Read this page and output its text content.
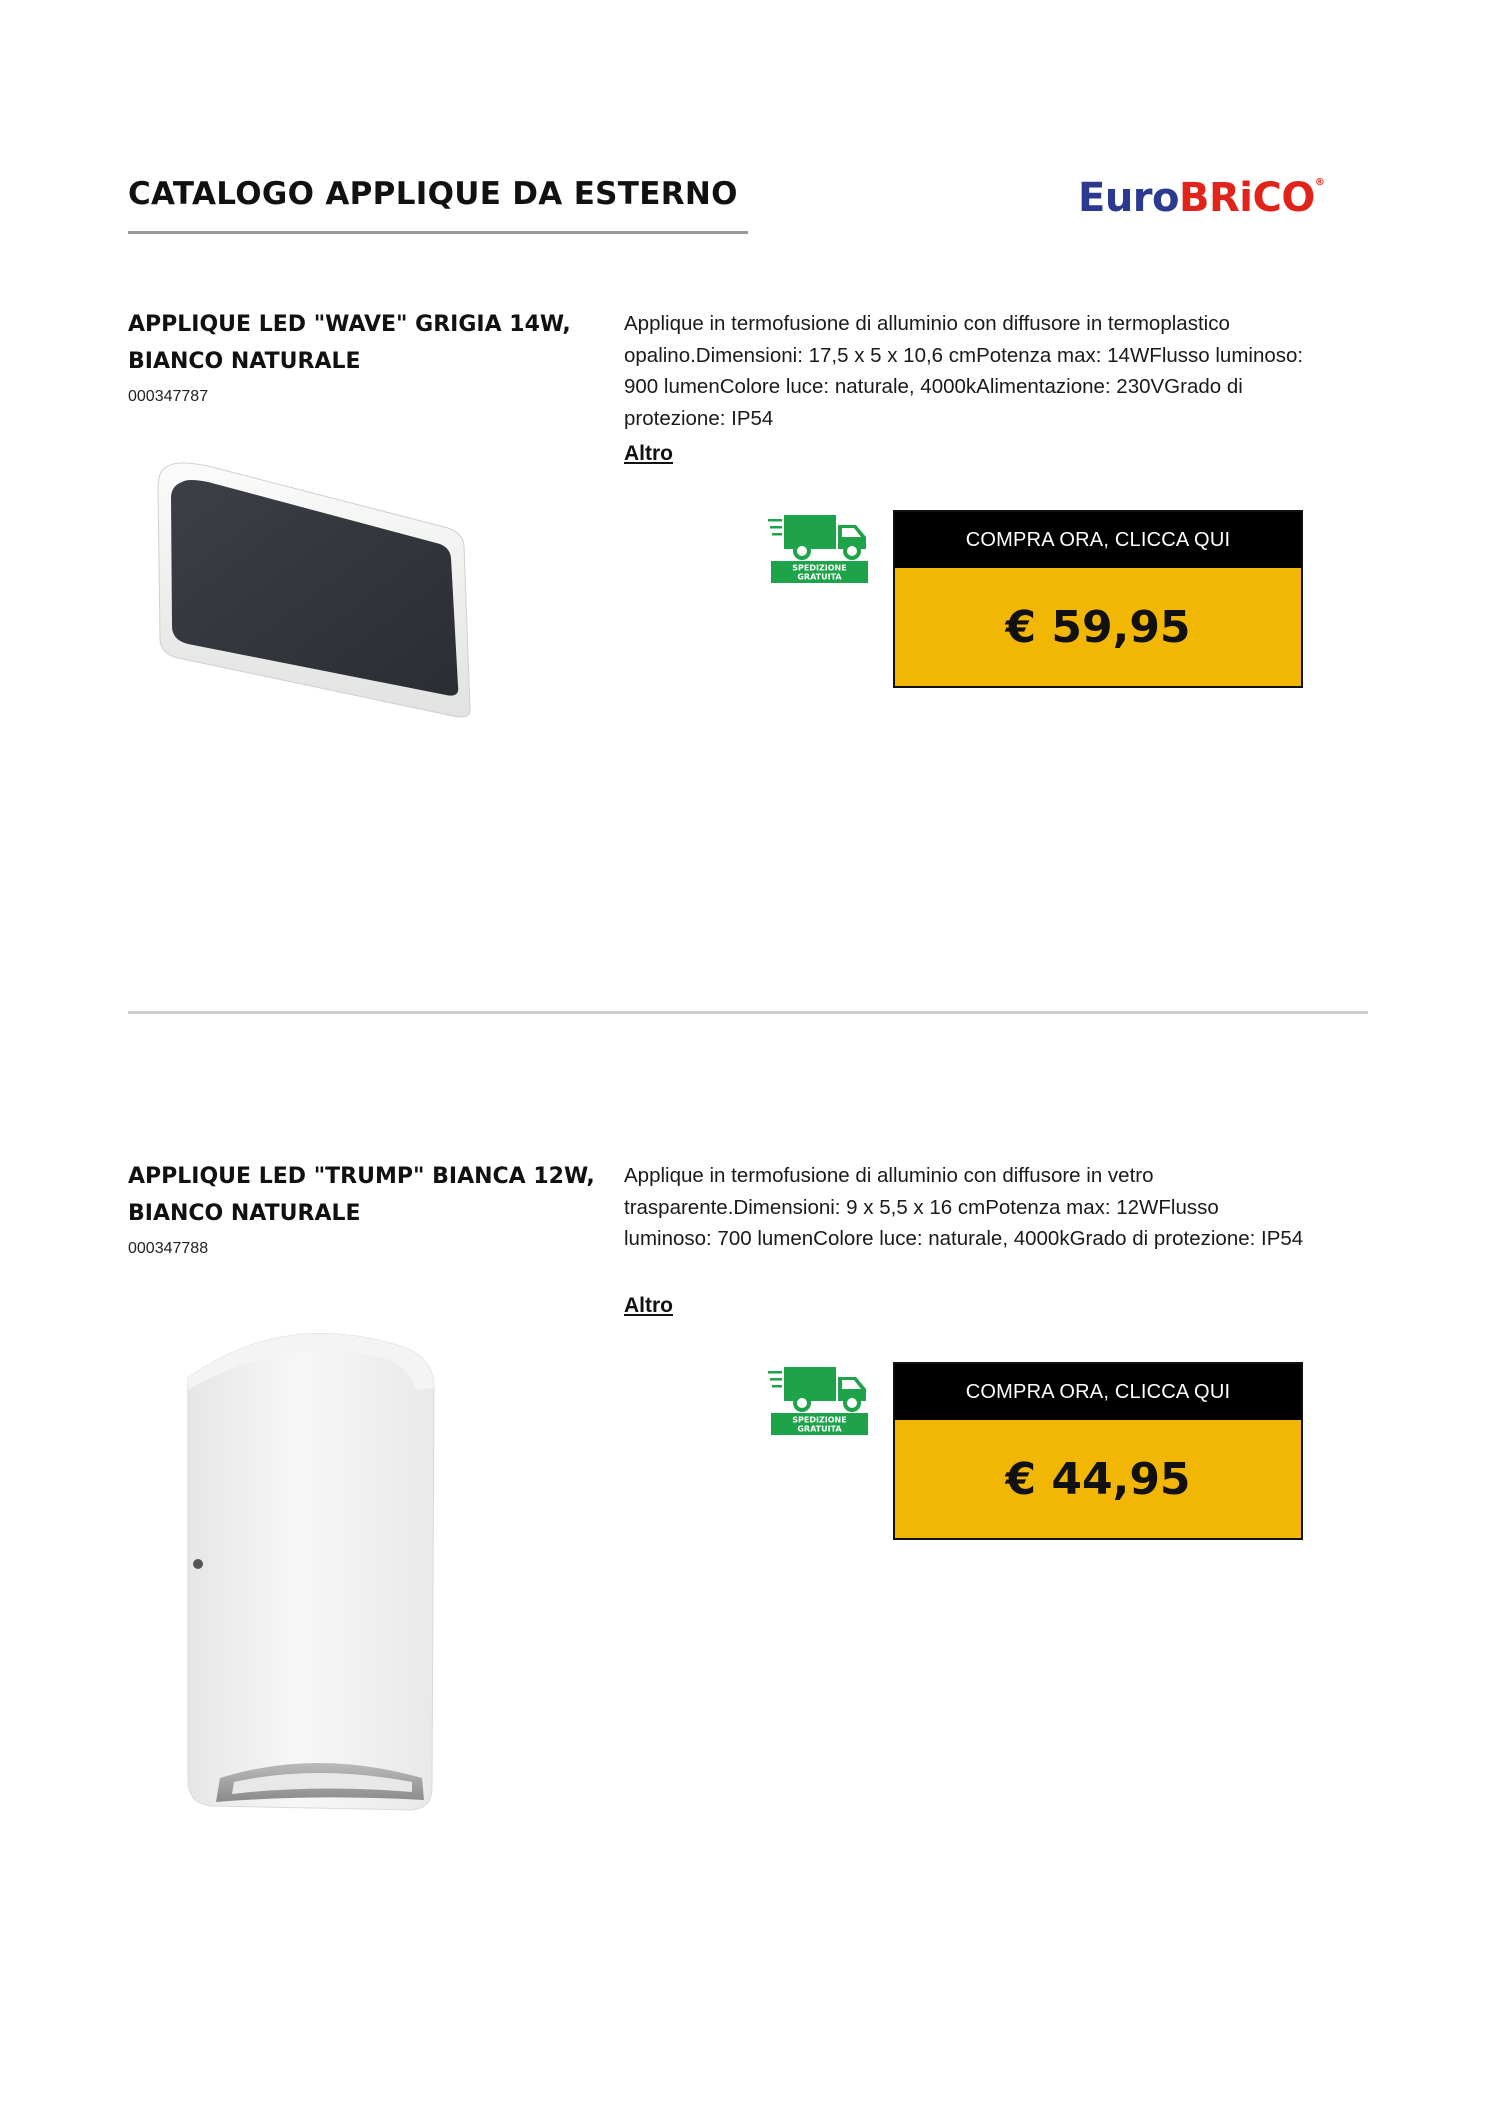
CATALOGO APPLIQUE DA ESTERNO	EuroBRiCO®
APPLIQUE LED "WAVE" GRIGIA 14W, BIANCO NATURALE
000347787
Applique in termofusione di alluminio con diffusore in termoplastico opalino.Dimensioni: 17,5 x 5 x 10,6 cmPotenza max: 14WFlusso luminoso: 900 lumenColore luce: naturale, 4000kAlimentazione: 230VGrado di protezione: IP54
Altro
SPEDIZIONE
GRATUITA
COMPRA ORA, CLICCA QUI
€ 59,95
APPLIQUE LED "TRUMP" BIANCA 12W, BIANCO NATURALE
000347788
Applique in termofusione di alluminio con diffusore in vetro trasparente.Dimensioni: 9 x 5,5 x 16 cmPotenza max: 12WFlusso luminoso: 700 lumenColore luce: naturale, 4000kGrado di protezione: IP54
Altro
SPEDIZIONE
GRATUITA
COMPRA ORA, CLICCA QUI
€ 44,95
